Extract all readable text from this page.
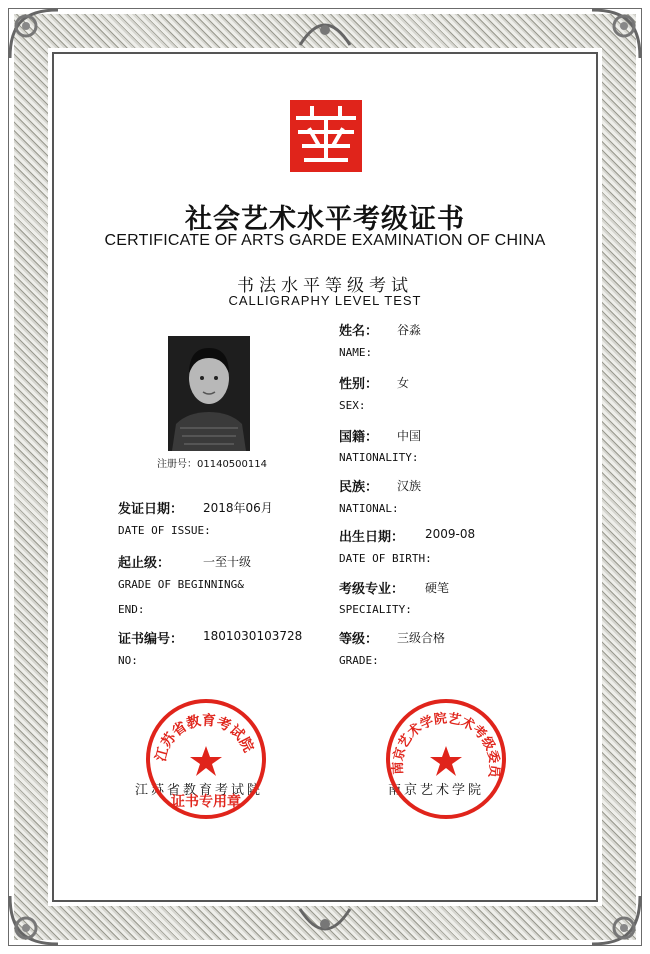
社会艺术水平考级证书
CERTIFICATE OF ARTS GARDE EXAMINATION OF CHINA
书法水平等级考试
CALLIGRAPHY LEVEL TEST
注册号：01140500114
姓名： 谷淼
NAME:
性别： 女
SEX:
国籍： 中国
NATIONALITY:
民族： 汉族
NATIONAL:
出生日期： 2009-08
DATE OF BIRTH:
考级专业： 硬笔
SPECIALITY:
等级： 三级合格
GRADE:
发证日期： 2018年06月
DATE OF ISSUE:
起止级：	一至十级
GRADE OF BEGINNING&
END:
证书编号： 1801030103728
NO:
江苏省教育考试院	南京艺术学院
江苏省教育考试院
证书专用章
南京艺术学院艺术考级委员
